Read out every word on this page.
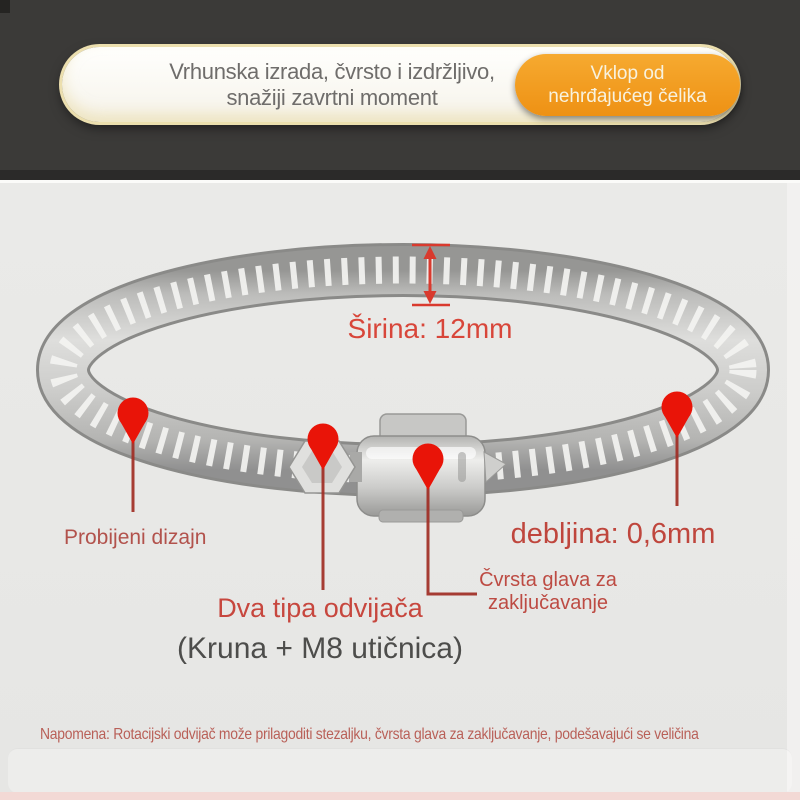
Vrhunska izrada, čvrsto i izdržljivo,
snažiji zavrtni moment
Vklop od
nehrđajućeg čelika
Širina: 12mm
Probijeni dizajn	debljina: 0,6mm
Dva tipa odvijača
(Kruna + M8 utičnica)
Čvrsta glava za
zaključavanje
Napomena: Rotacijski odvijač može prilagoditi stezaljku, čvrsta glava za zaključavanje, podešavajući se veličina
